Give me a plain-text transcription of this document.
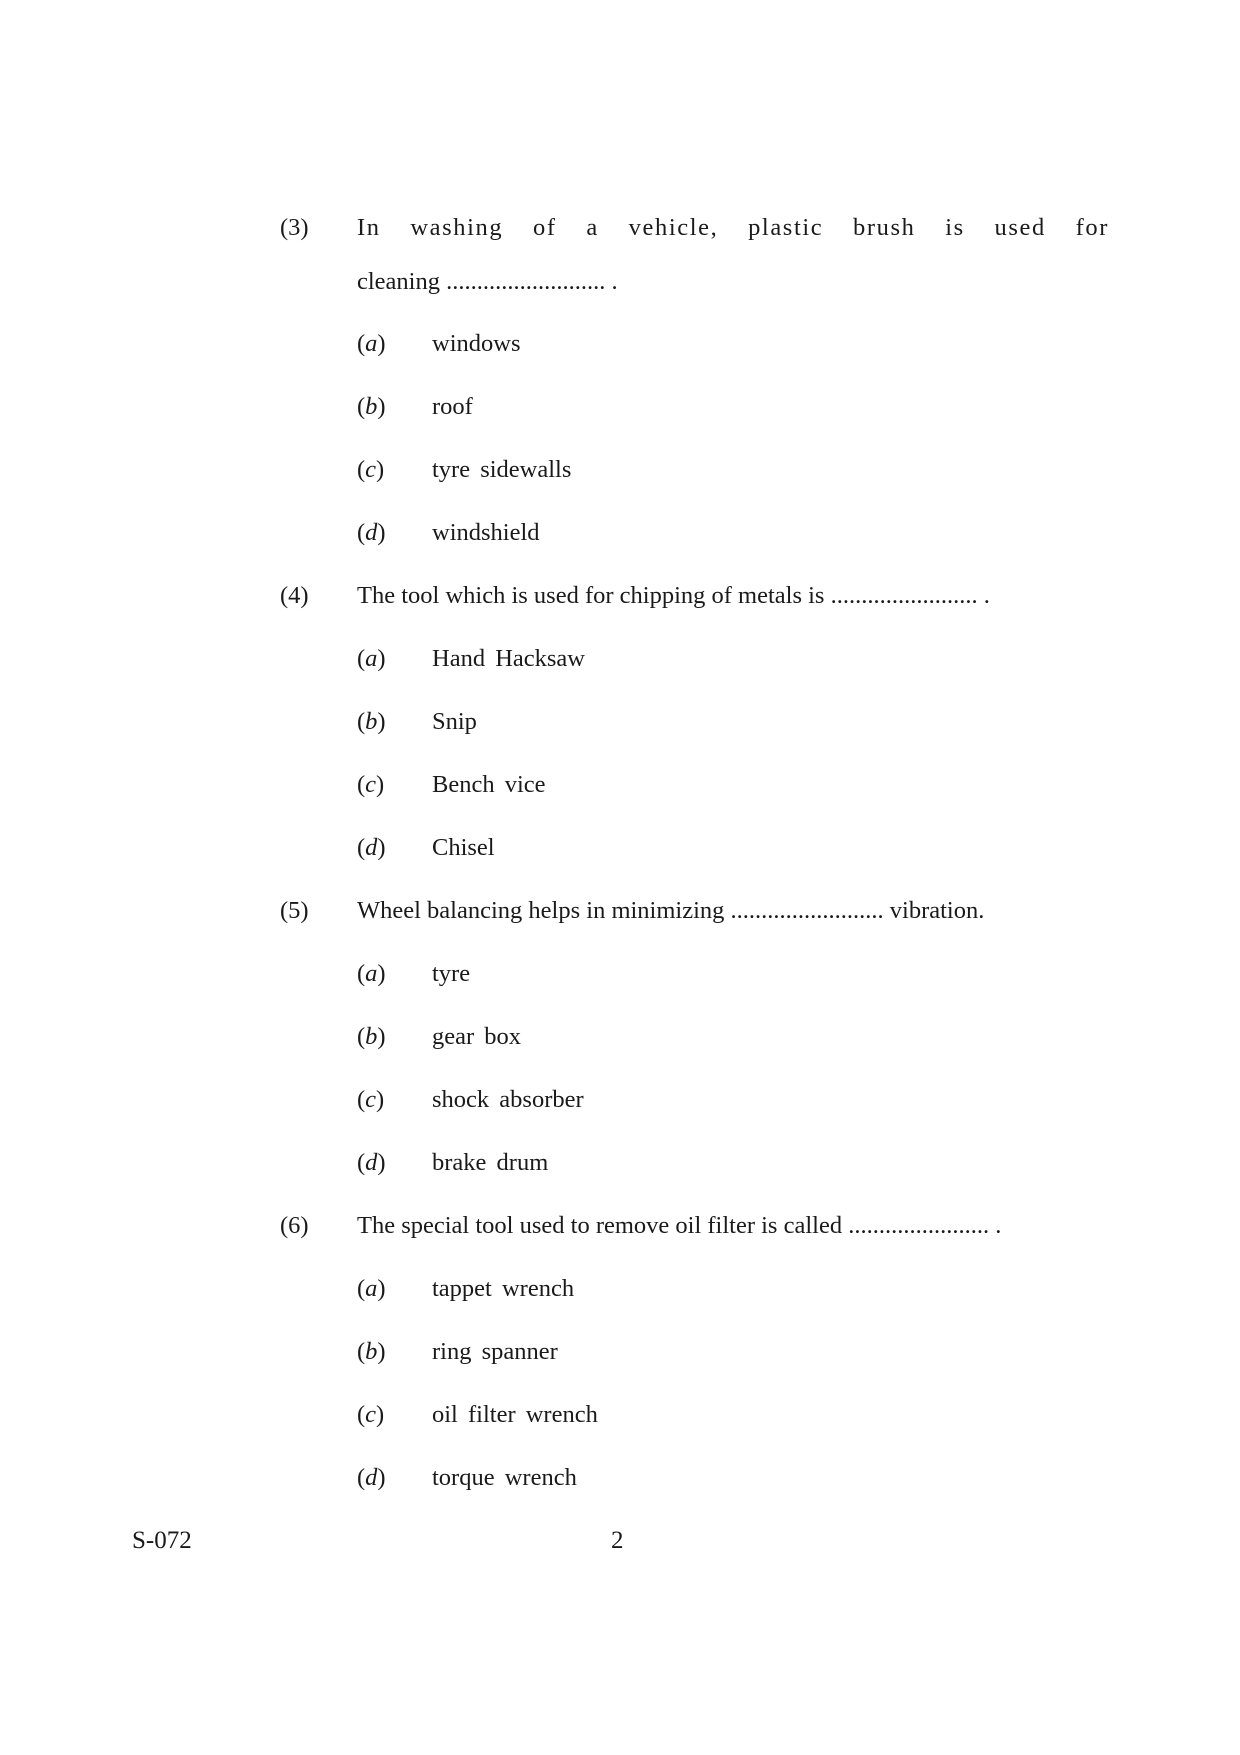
(3)	In washing of a vehicle, plastic brush is used for
cleaning .......................... .
(a)	windows
(b)	roof
(c)	tyre sidewalls
(d)	windshield
(4)	The tool which is used for chipping of metals is ........................ .
(a)	Hand Hacksaw
(b)	Snip
(c)	Bench vice
(d)	Chisel
(5)	Wheel balancing helps in minimizing ......................... vibration.
(a)	tyre
(b)	gear box
(c)	shock absorber
(d)	brake drum
(6)	The special tool used to remove oil filter is called ....................... .
(a)	tappet wrench
(b)	ring spanner
(c)	oil filter wrench
(d)	torque wrench
S-072	2
